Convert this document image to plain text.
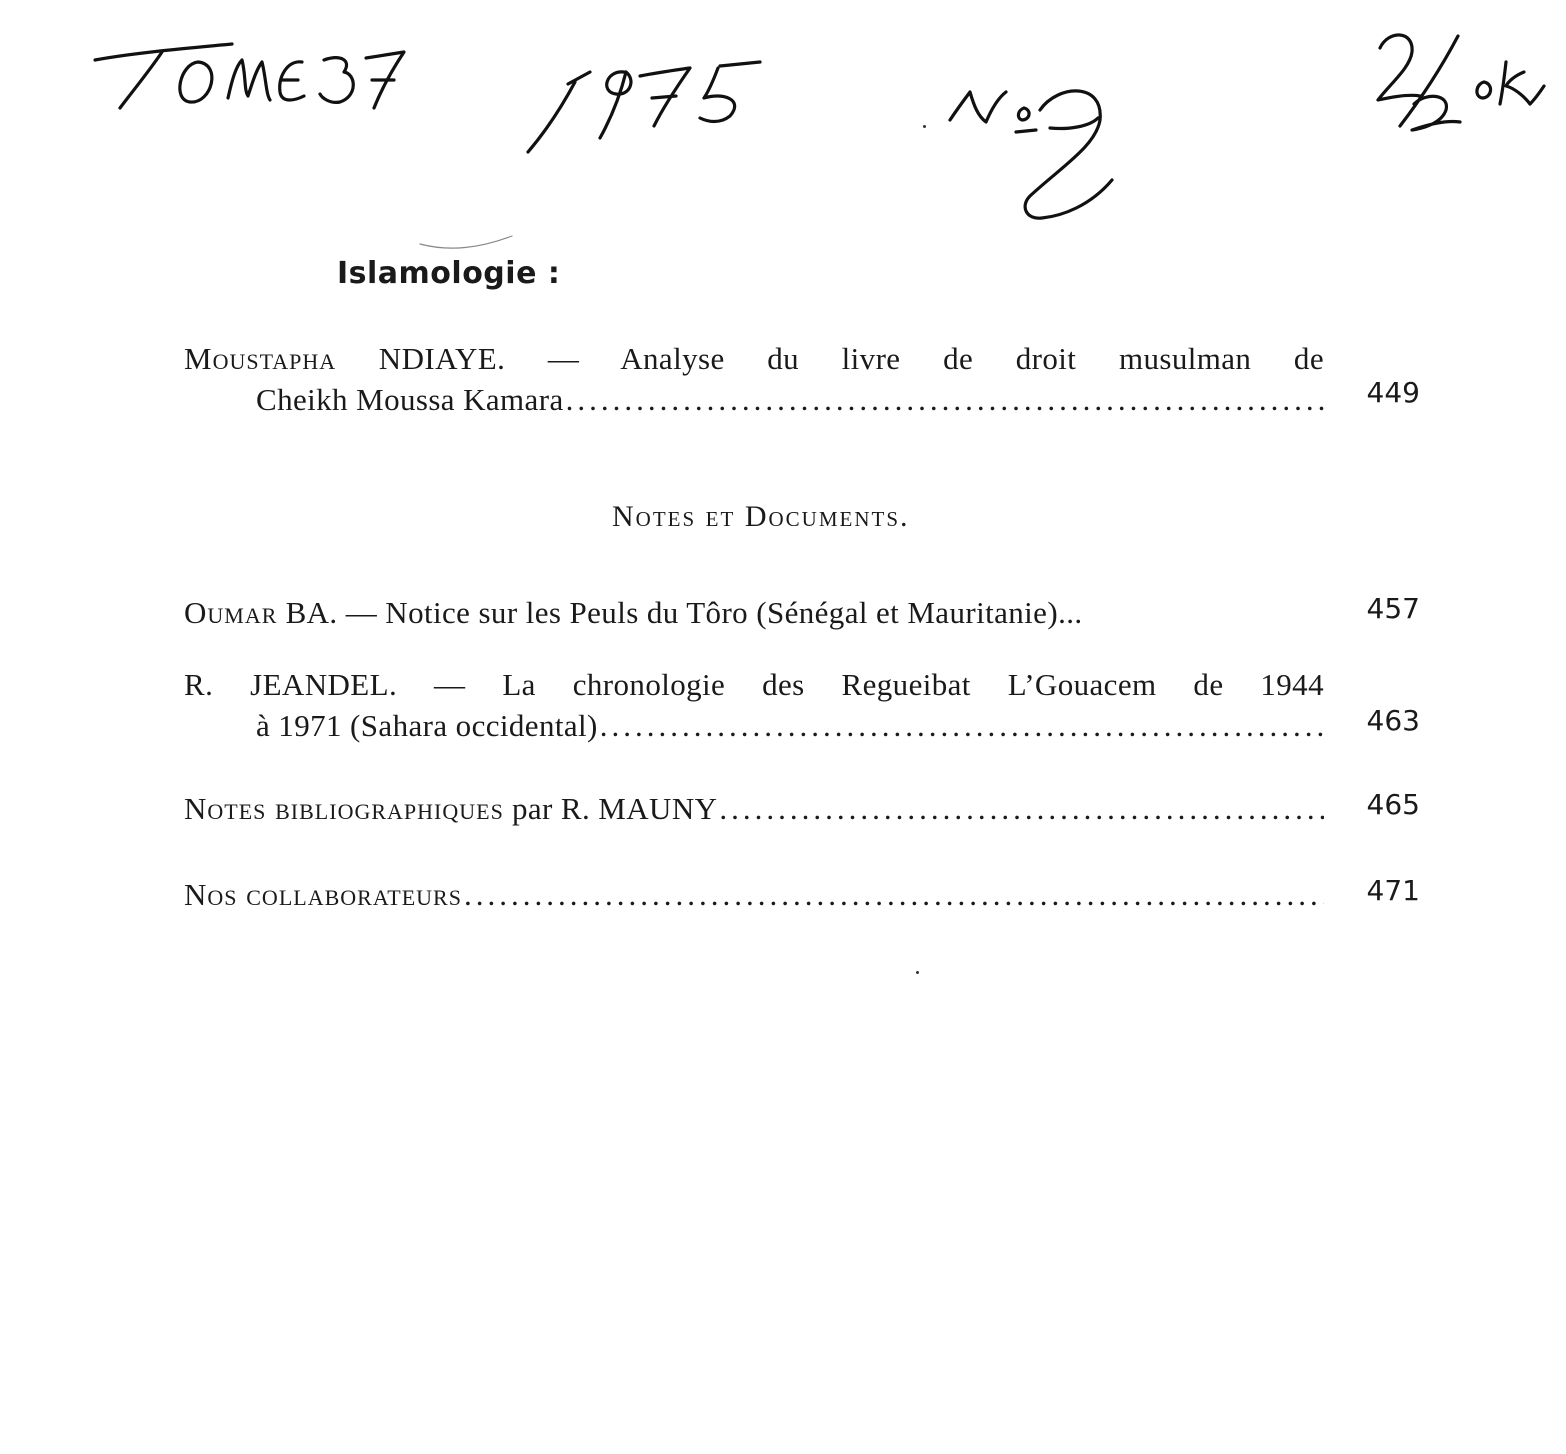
Islamologie :
Moustapha NDIAYE. — Analyse du livre de droit musulman de
Cheikh Moussa Kamara .....	449
Notes et Documents.
Oumar
BA.
— Notice sur les Peuls du Tôro (Sénégal et Mauritanie)...	457
R. JEANDEL. — La chronologie des Regueibat L’Gouacem de 1944
à 1971 (Sahara occidental) .....	463
Notes bibliographiques
par R. MAUNY .....	465
Nos collaborateurs .....	471
